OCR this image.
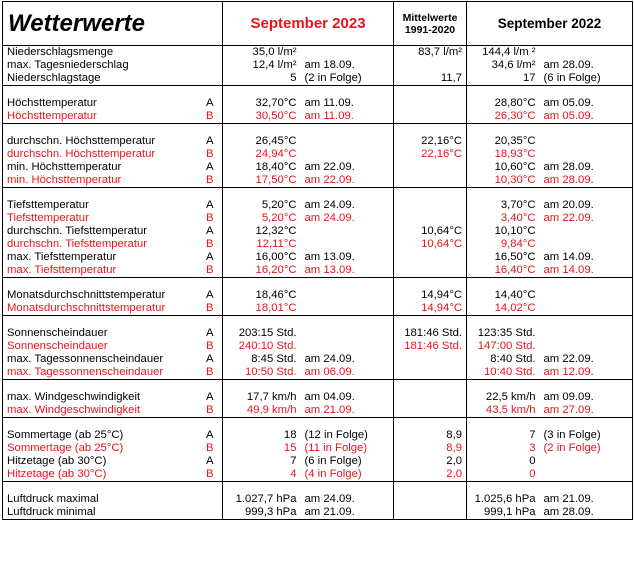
Wetterwerte		September 2023		Mittelwerte
1991-2020	September 2022	
Niederschlagsmenge		35,0 l/m²		83,7 l/m²	144,4 l/m ²	
max. Tagesniederschlag		12,4 l/m²	am 18.09.		34,6 l/m²	am 28.09.
Niederschlagstage		5	(2 in Folge)	11,7	17	(6 in Folge)

Höchsttemperatur	A	32,70°C	am 11.09.		28,80°C	am 05.09.
Höchsttemperatur	B	30,50°C	am 11.09.		26,30°C	am 05.09.

durchschn. Höchsttemperatur	A	26,45°C		22,16°C	20,35°C	
durchschn. Höchsttemperatur	B	24,94°C		22,16°C	18,93°C	
min. Höchsttemperatur	A	18,40°C	am 22.09.		10,60°C	am 28.09.
min. Höchsttemperatur	B	17,50°C	am 22.09.		10,30°C	am 28.09.

Tiefsttemperatur	A	5,20°C	am 24.09.		3,70°C	am 20.09.
Tiefsttemperatur	B	5,20°C	am 24.09.		3,40°C	am 22.09.
durchschn. Tiefsttemperatur	A	12,32°C		10,64°C	10,10°C	
durchschn. Tiefsttemperatur	B	12,11°C		10,64°C	9,84°C	
max. Tiefsttemperatur	A	16,00°C	am 13.09.		16,50°C	am 14.09.
max. Tiefsttemperatur	B	16,20°C	am 13.09.		16,40°C	am 14.09.

Monatsdurchschnittstemperatur	A	18,46°C		14,94°C	14,40°C	
Monatsdurchschnittstemperatur	B	18,01°C		14,94°C	14,02°C	

Sonnenscheindauer	A	203:15 Std.		181:46 Std.	123:35 Std.	
Sonnenscheindauer	B	240:10 Std.		181:46 Std.	147:00 Std.	
max. Tagessonnenscheindauer	A	8:45 Std.	am 24.09.		8:40 Std.	am 22.09.
max. Tagessonnenscheindauer	B	10:50 Std.	am 06.09.		10:40 Std.	am 12.09.

max. Windgeschwindigkeit	A	17,7 km/h	am 04.09.		22,5 km/h	am 09.09.
max. Windgeschwindigkeit	B	49,9 km/h	am 21.09.		43,5 km/h	am 27.09.

Sommertage (ab 25°C)	A	18	(12 in Folge)	8,9	7	(3 in Folge)
Sommertage (ab 25°C)	B	15	(11 in Folge)	8,9	3	(2 in Folge)
Hitzetage (ab 30°C)	A	7	(6 in Folge)	2,0	0	
Hitzetage (ab 30°C)	B	4	(4 in Folge)	2,0	0	

Luftdruck maximal		1.027,7 hPa	am 24.09.		1.025,6 hPa	am 21.09.
Luftdruck minimal		999,3 hPa	am 21.09.		999,1 hPa	am 28.09.
